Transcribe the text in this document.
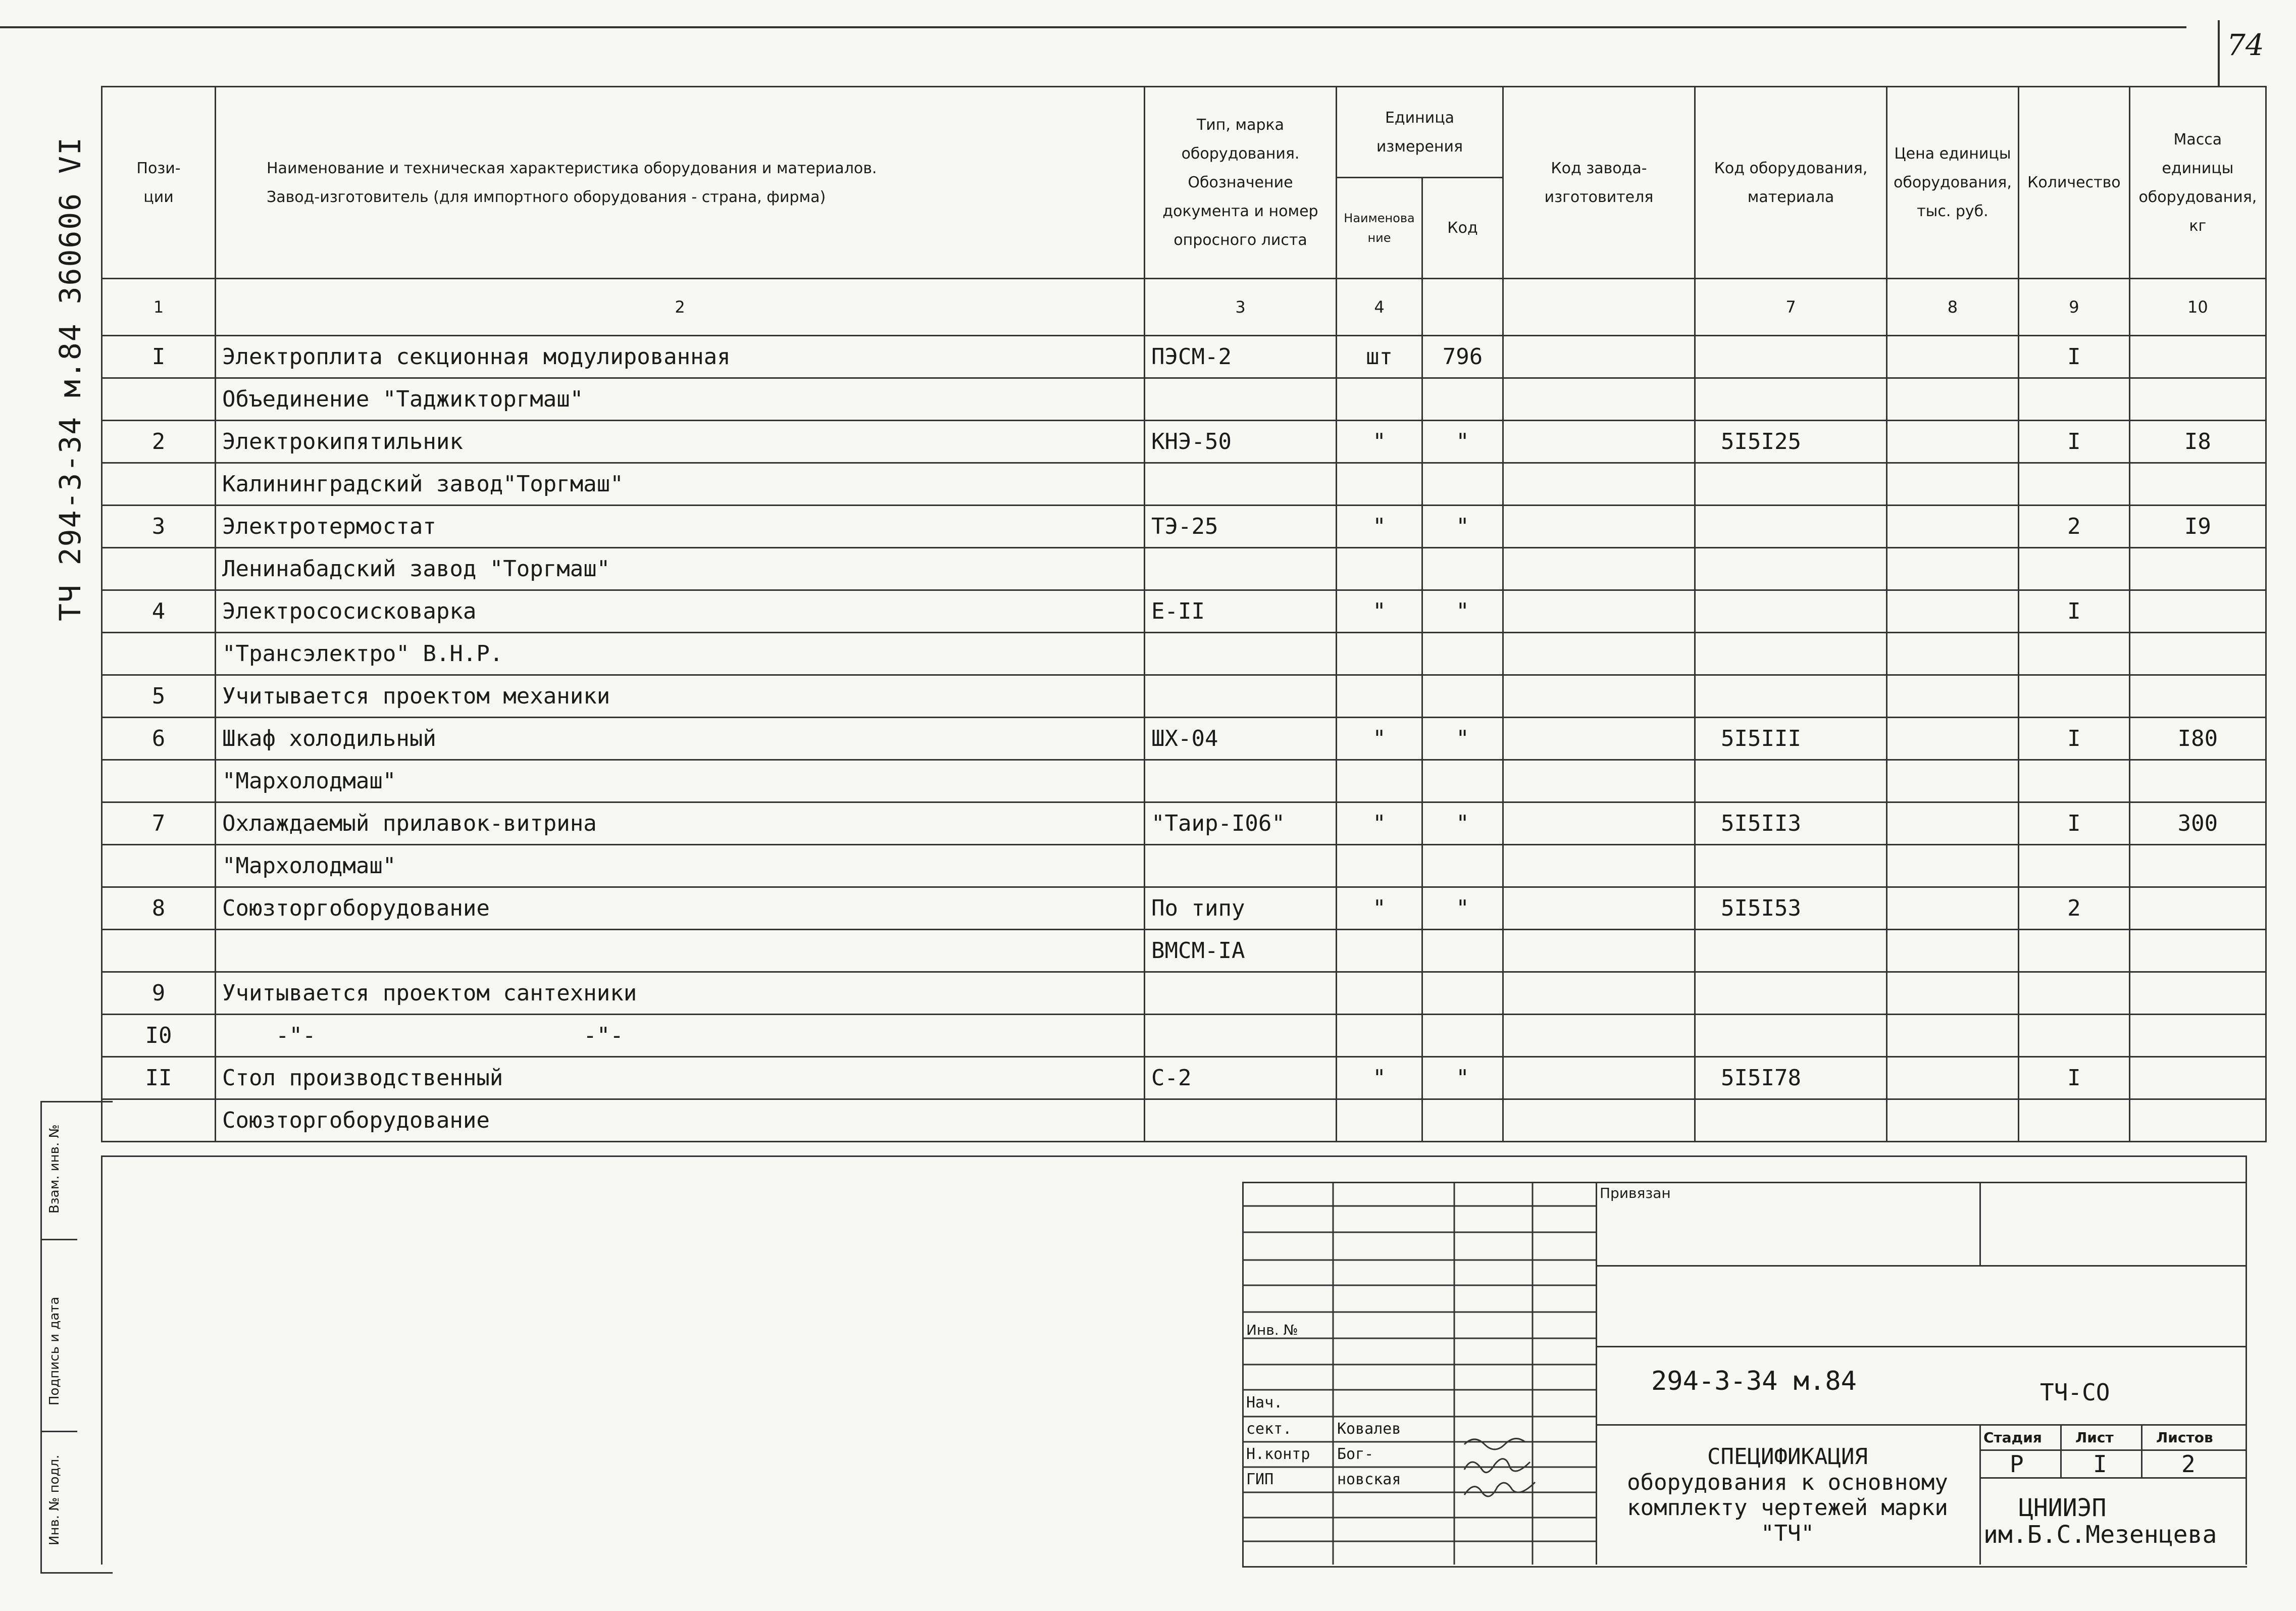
74
ТЧ 294-3-34 м.84 360606 VI	Пози-
ции	Наименование и техническая характеристика оборудования и материалов.
Завод-изготовитель (для импортного оборудования - страна, фирма)	Тип, марка оборудования. Обозначение документа и номер опросного листа	Единица измерения		Код завода-изготовителя	Код оборудования, материала	Цена единицы оборудования, тыс. руб.	Количество	Масса единицы оборудования, кг
			Наименование	Код					
1	2	3	4			7	8	9	10
I	Электроплита секционная модулированная	ПЭСМ-2	шт	796				I	
	Объединение "Таджикторгмаш"								
2	Электрокипятильник	КНЭ-50	"	"		5I5I25		I	I8
	Калининградский завод"Торгмаш"								
3	Электротермостат	ТЭ-25	"	"				2	I9
	Ленинабадский завод "Торгмаш"								
4	Электрососисковарка	Е-II	"	"				I	
	"Трансэлектро" В.Н.Р.								
5	Учитывается проектом механики								
6	Шкаф холодильный	ШХ-04	"	"		5I5III		I	I80
	"Мархолодмаш"								
7	Охлаждаемый прилавок-витрина	"Таир-I06"	"	"		5I5II3		I	300
	"Мархолодмаш"								
8	Союзторгоборудование	По типу	"	"		5I5I53		2	
		ВМСМ-IА							
9	Учитывается проектом сантехники								
I0	-"-                    -"-								
II	Стол производственный	С-2	"	"		5I5I78		I	
	Союзторгоборудование								
Взам. инв. №
Подпись и дата
Инв. № подл.
Инв. №
Нач.
сект.
Н.контр
ГИП
Ковалев
Бог-
новская
Привязан
294-3-34 м.84	ТЧ-СО
СПЕЦИФИКАЦИЯ
оборудования к основному
комплекту чертежей марки
"ТЧ"
Стадия Лист	Листов
Р	I	2
ЦНИИЭП
им.Б.С.Мезенцева
